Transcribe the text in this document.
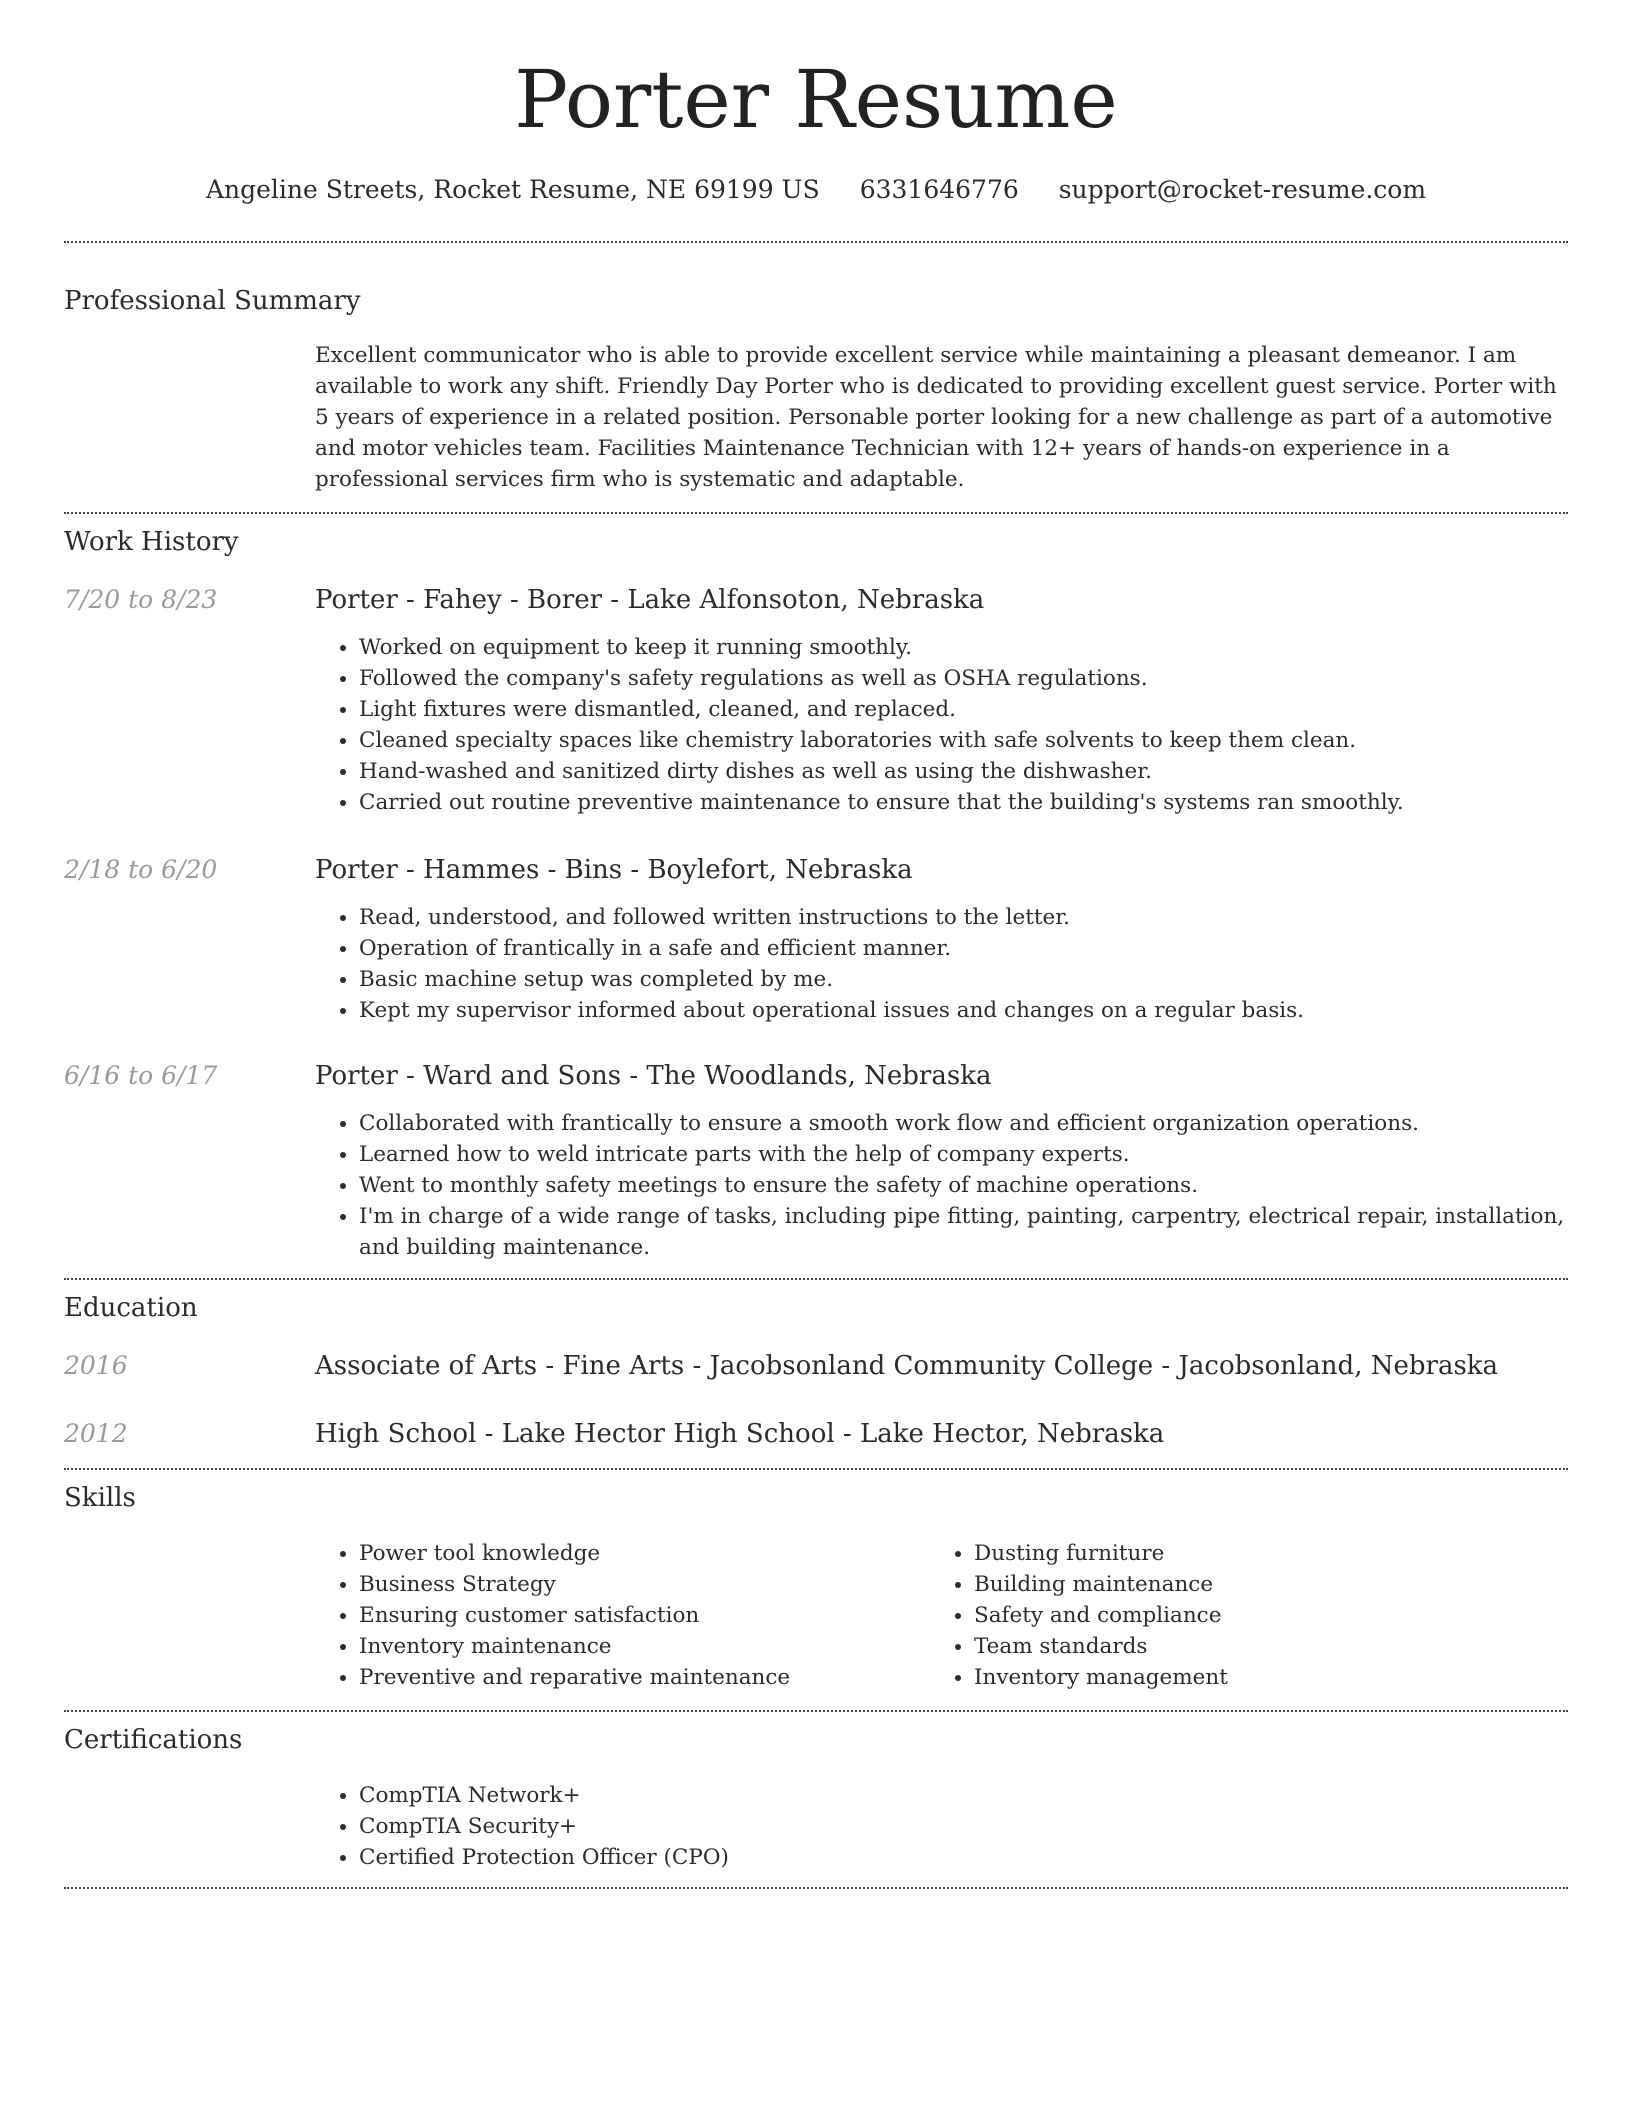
Porter Resume
Angeline Streets, Rocket Resume, NE 69199 US 6331646776 support@rocket-resume.com
Professional Summary

Excellent communicator who is able to provide excellent service while maintaining a pleasant demeanor. I am available to work any shift. Friendly Day Porter who is dedicated to providing excellent guest service. Porter with 5 years of experience in a related position. Personable porter looking for a new challenge as part of a automotive and motor vehicles team. Facilities Maintenance Technician with 12+ years of hands-on experience in a professional services firm who is systematic and adaptable.

Work History
7/20 to 8/23	Porter - Fahey - Borer - Lake Alfonsoton, Nebraska
• Worked on equipment to keep it running smoothly.
• Followed the company's safety regulations as well as OSHA regulations.
• Light fixtures were dismantled, cleaned, and replaced.
• Cleaned specialty spaces like chemistry laboratories with safe solvents to keep them clean.
• Hand-washed and sanitized dirty dishes as well as using the dishwasher.
• Carried out routine preventive maintenance to ensure that the building's systems ran smoothly.
2/18 to 6/20	Porter - Hammes - Bins - Boylefort, Nebraska
• Read, understood, and followed written instructions to the letter.
• Operation of frantically in a safe and efficient manner.
• Basic machine setup was completed by me.
• Kept my supervisor informed about operational issues and changes on a regular basis.
6/16 to 6/17	Porter - Ward and Sons - The Woodlands, Nebraska
• Collaborated with frantically to ensure a smooth work flow and efficient organization operations.
• Learned how to weld intricate parts with the help of company experts.
• Went to monthly safety meetings to ensure the safety of machine operations.
• I'm in charge of a wide range of tasks, including pipe fitting, painting, carpentry, electrical repair, installation, and building maintenance.
Education
2016	Associate of Arts - Fine Arts - Jacobsonland Community College - Jacobsonland, Nebraska
2012	High School - Lake Hector High School - Lake Hector, Nebraska
Skills
• Power tool knowledge
• Business Strategy
• Ensuring customer satisfaction
• Inventory maintenance
• Preventive and reparative maintenance
• Dusting furniture
• Building maintenance
• Safety and compliance
• Team standards
• Inventory management
Certifications
• CompTIA Network+
• CompTIA Security+
• Certified Protection Officer (CPO)
